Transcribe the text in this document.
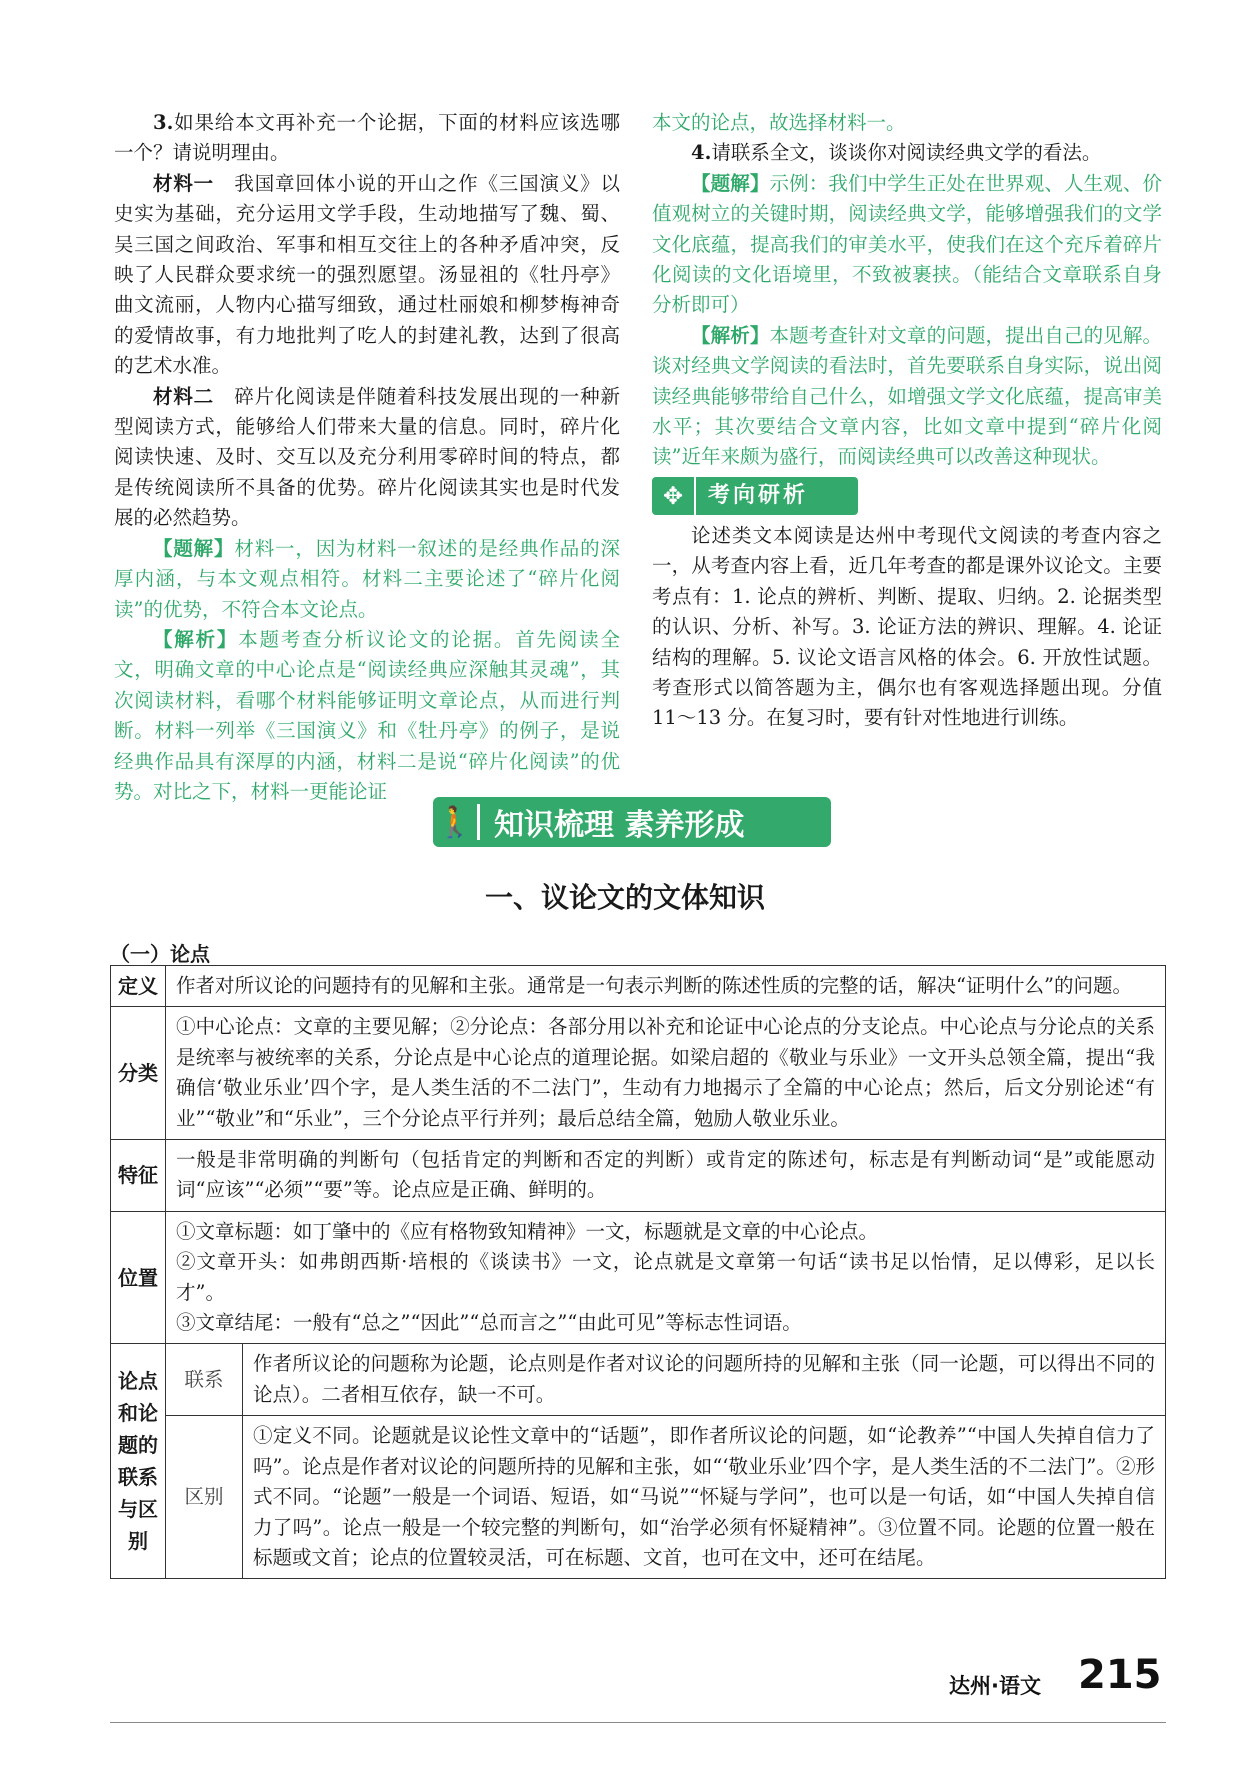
3.如果给本文再补充一个论据，下面的材料应该选哪一个？请说明理由。

材料一　 我国章回体小说的开山之作《三国演义》以史实为基础，充分运用文学手段，生动地描写了魏、蜀、吴三国之间政治、军事和相互交往上的各种矛盾冲突，反映了人民群众要求统一的强烈愿望。汤显祖的《牡丹亭》曲文流丽，人物内心描写细致，通过杜丽娘和柳梦梅神奇的爱情故事，有力地批判了吃人的封建礼教，达到了很高的艺术水准。

材料二　 碎片化阅读是伴随着科技发展出现的一种新型阅读方式，能够给人们带来大量的信息。同时，碎片化阅读快速、及时、交互以及充分利用零碎时间的特点，都是传统阅读所不具备的优势。碎片化阅读其实也是时代发展的必然趋势。

【题解】材料一，因为材料一叙述的是经典作品的深厚内涵，与本文观点相符。材料二主要论述了“碎片化阅读”的优势，不符合本文论点。

【解析】本题考查分析议论文的论据。首先阅读全文，明确文章的中心论点是“阅读经典应深触其灵魂”，其次阅读材料，看哪个材料能够证明文章论点，从而进行判断。材料一列举《三国演义》和《牡丹亭》的例子，是说经典作品具有深厚的内涵，材料二是说“碎片化阅读”的优势。对比之下，材料一更能论证

本文的论点，故选择材料一。

4.请联系全文，谈谈你对阅读经典文学的看法。

【题解】示例：我们中学生正处在世界观、人生观、价值观树立的关键时期，阅读经典文学，能够增强我们的文学文化底蕴，提高我们的审美水平，使我们在这个充斥着碎片化阅读的文化语境里，不致被裹挟。（能结合文章联系自身分析即可）

【解析】本题考查针对文章的问题，提出自己的见解。谈对经典文学阅读的看法时，首先要联系自身实际，说出阅读经典能够带给自己什么，如增强文学文化底蕴，提高审美水平；其次要结合文章内容，比如文章中提到“碎片化阅读”近年来颇为盛行，而阅读经典可以改善这种现状。

✥	考向研析

论述类文本阅读是达州中考现代文阅读的考查内容之一，从考查内容上看，近几年考查的都是课外议论文。主要考点有：1. 论点的辨析、判断、提取、归纳。2. 论据类型的认识、分析、补写。3. 论证方法的辨识、理解。4. 论证结构的理解。5. 议论文语言风格的体会。6. 开放性试题。考查形式以简答题为主，偶尔也有客观选择题出现。分值 11～13 分。在复习时，要有针对性地进行训练。

🚶 知识梳理 素养形成
一、议论文的文体知识
（一）论点
定义	作者对所议论的问题持有的见解和主张。通常是一句表示判断的陈述性质的完整的话，解决“证明什么”的问题。	
分类	①中心论点：文章的主要见解；②分论点：各部分用以补充和论证中心论点的分支论点。中心论点与分论点的关系是统率与被统率的关系，分论点是中心论点的道理论据。如梁启超的《敬业与乐业》一文开头总领全篇，提出“我确信‘敬业乐业’四个字，是人类生活的不二法门”，生动有力地揭示了全篇的中心论点；然后，后文分别论述“有业”“敬业”和“乐业”，三个分论点平行并列；最后总结全篇，勉励人敬业乐业。	
特征	一般是非常明确的判断句（包括肯定的判断和否定的判断）或肯定的陈述句，标志是有判断动词“是”或能愿动词“应该”“必须”“要”等。论点应是正确、鲜明的。	
位置	①文章标题：如丁肇中的《应有格物致知精神》一文，标题就是文章的中心论点。
②文章开头：如弗朗西斯·培根的《谈读书》一文，论点就是文章第一句话“读书足以怡情，足以傅彩，足以长才”。
③文章结尾：一般有“总之”“因此”“总而言之”“由此可见”等标志性词语。	

论点和论题的联系与区别	联系	作者所议论的问题称为论题，论点则是作者对议论的问题所持的见解和主张（同一论题，可以得出不同的论点）。二者相互依存，缺一不可。
	区别	①定义不同。论题就是议论性文章中的“话题”，即作者所议论的问题，如“论教养”“中国人失掉自信力了吗”。论点是作者对议论的问题所持的见解和主张，如“‘敬业乐业’四个字，是人类生活的不二法门”。②形式不同。“论题”一般是一个词语、短语，如“马说”“怀疑与学问”，也可以是一句话，如“中国人失掉自信力了吗”。论点一般是一个较完整的判断句，如“治学必须有怀疑精神”。③位置不同。论题的位置一般在标题或文首；论点的位置较灵活，可在标题、文首，也可在文中，还可在结尾。
达州·语文 215
